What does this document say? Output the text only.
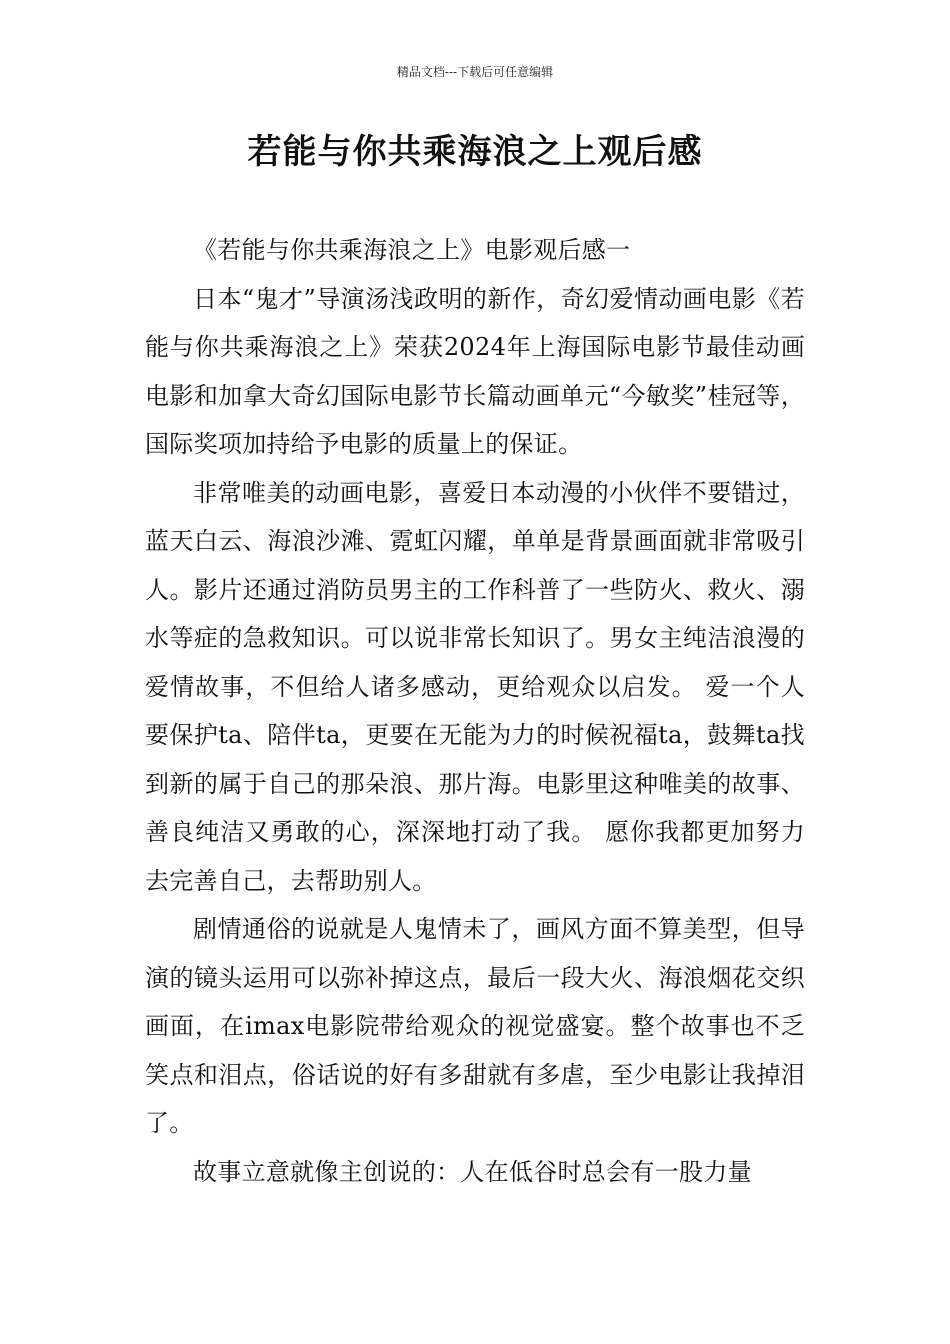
精品文档---下载后可任意编辑
若能与你共乘海浪之上观后感

《若能与你共乘海浪之上》电影观后感一

日本“鬼才”导演汤浅政明的新作，奇幻爱情动画电影《若能与你共乘海浪之上》荣获2024年上海国际电影节最佳动画电影和加拿大奇幻国际电影节长篇动画单元“今敏奖”桂冠等，国际奖项加持给予电影的质量上的保证。

非常唯美的动画电影，喜爱日本动漫的小伙伴不要错过， 蓝天白云、海浪沙滩、霓虹闪耀，单单是背景画面就非常吸引人。影片还通过消防员男主的工作科普了一些防火、救火、溺水等症的急救知识。可以说非常长知识了。男女主纯洁浪漫的爱情故事，不但给人诸多感动，更给观众以启发。 爱一个人要保护ta、陪伴ta，更要在无能为力的时候祝福ta，鼓舞ta找到新的属于自己的那朵浪、那片海。电影里这种唯美的故事、善良纯洁又勇敢的心，深深地打动了我。 愿你我都更加努力去完善自己，去帮助别人。

剧情通俗的说就是人鬼情未了，画风方面不算美型，但导演的镜头运用可以弥补掉这点，最后一段大火、海浪烟花交织画面，在imax电影院带给观众的视觉盛宴。整个故事也不乏笑点和泪点，俗话说的好有多甜就有多虐，至少电影让我掉泪了。

故事立意就像主创说的：人在低谷时总会有一股力量
